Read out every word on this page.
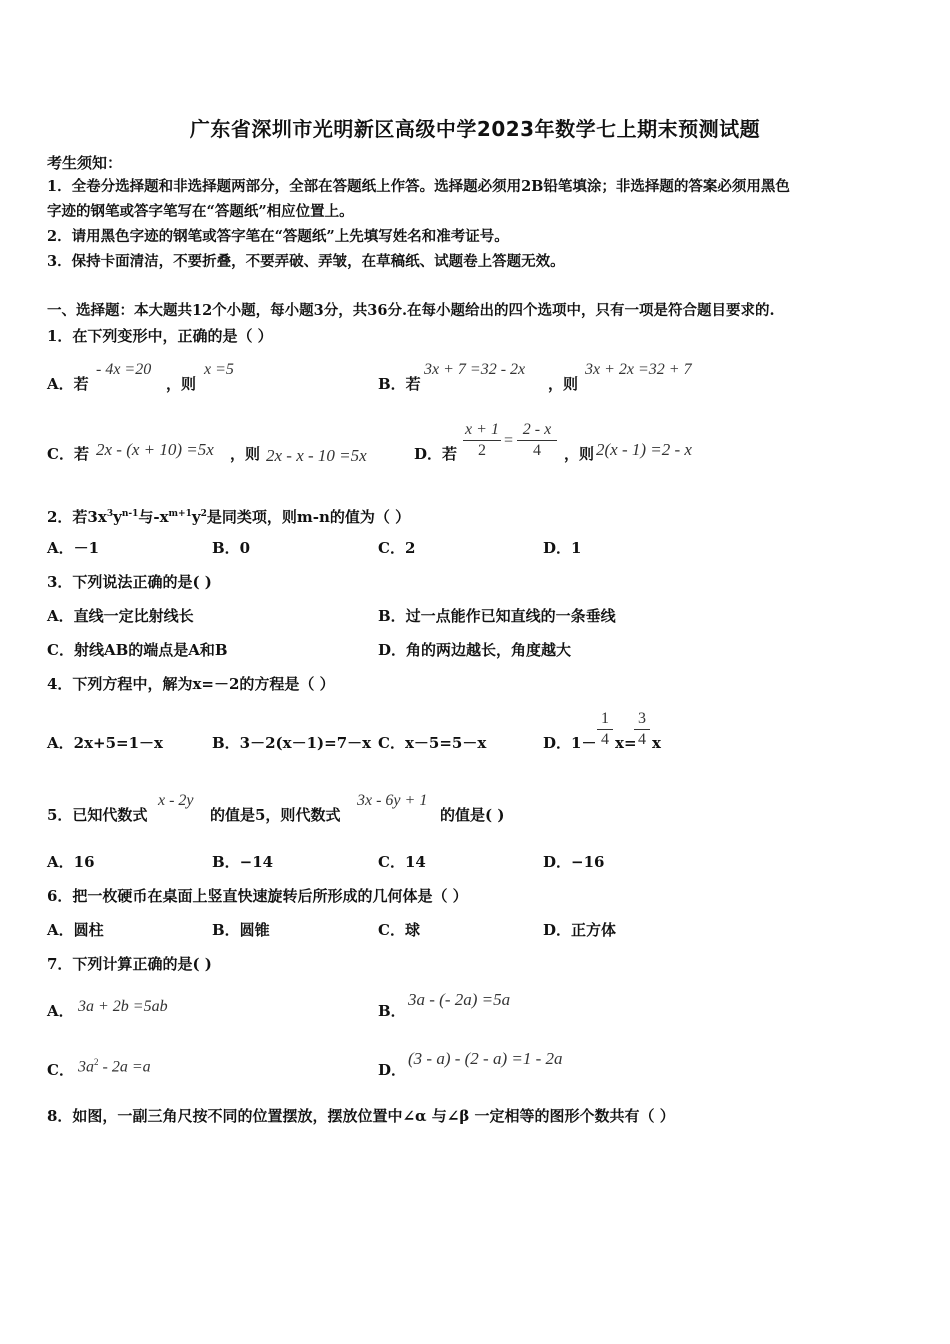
广东省深圳市光明新区高级中学2023年数学七上期末预测试题
考生须知：
1．全卷分选择题和非选择题两部分，全部在答题纸上作答。选择题必须用2B铅笔填涂；非选择题的答案必须用黑色
字迹的钢笔或答字笔写在“答题纸”相应位置上。
2．请用黑色字迹的钢笔或答字笔在“答题纸”上先填写姓名和准考证号。
3．保持卡面清洁，不要折叠，不要弄破、弄皱，在草稿纸、试题卷上答题无效。
一、选择题：本大题共12个小题，每小题3分，共36分.在每小题给出的四个选项中，只有一项是符合题目要求的.
1．在下列变形中，正确的是（ ）
A．若
- 4x =20
，则
x =5
B．若
3x + 7 =32 - 2x
，则
3x + 2x =32 + 7
C．若 2x - (x + 10) =5x ，则 2x - x - 10 =5x	D．若
x + 1
2
=
2 - x
4	，则 2(x - 1) =2 - x
2．若$3x^3y^{n-1}$与$-x^{m+1}y^2$是同类项，则m-n的值为（ ）
A．－1	B．0	C．2	D．1
3．下列说法正确的是( )
A．直线一定比射线长	B．过一点能作已知直线的一条垂线
C．射线AB的端点是A和B	D．角的两边越长，角度越大
4．下列方程中，解为x=－2的方程是（ ）
A．2x+5=1－x	B．3－2(x－1)=7－x C．x－5=5－x	D．1－
1
4 x=
3
4 x
5．已知代数式
x - 2y
的值是5，则代数式
3x - 6y + 1
的值是( )
A．16	B．−14	C．14	D．−16
6．把一枚硬币在桌面上竖直快速旋转后所形成的几何体是（ ）
A．圆柱	B．圆锥	C．球	D．正方体
7．下列计算正确的是( )
A． 3a + 2b =5ab	B．
3a - (- 2a) =5a
C． $3a^2 - 2a =a$	D．
(3 - a) - (2 - a) =1 - 2a
8．如图，一副三角尺按不同的位置摆放，摆放位置中∠α 与∠β 一定相等的图形个数共有（ ）
